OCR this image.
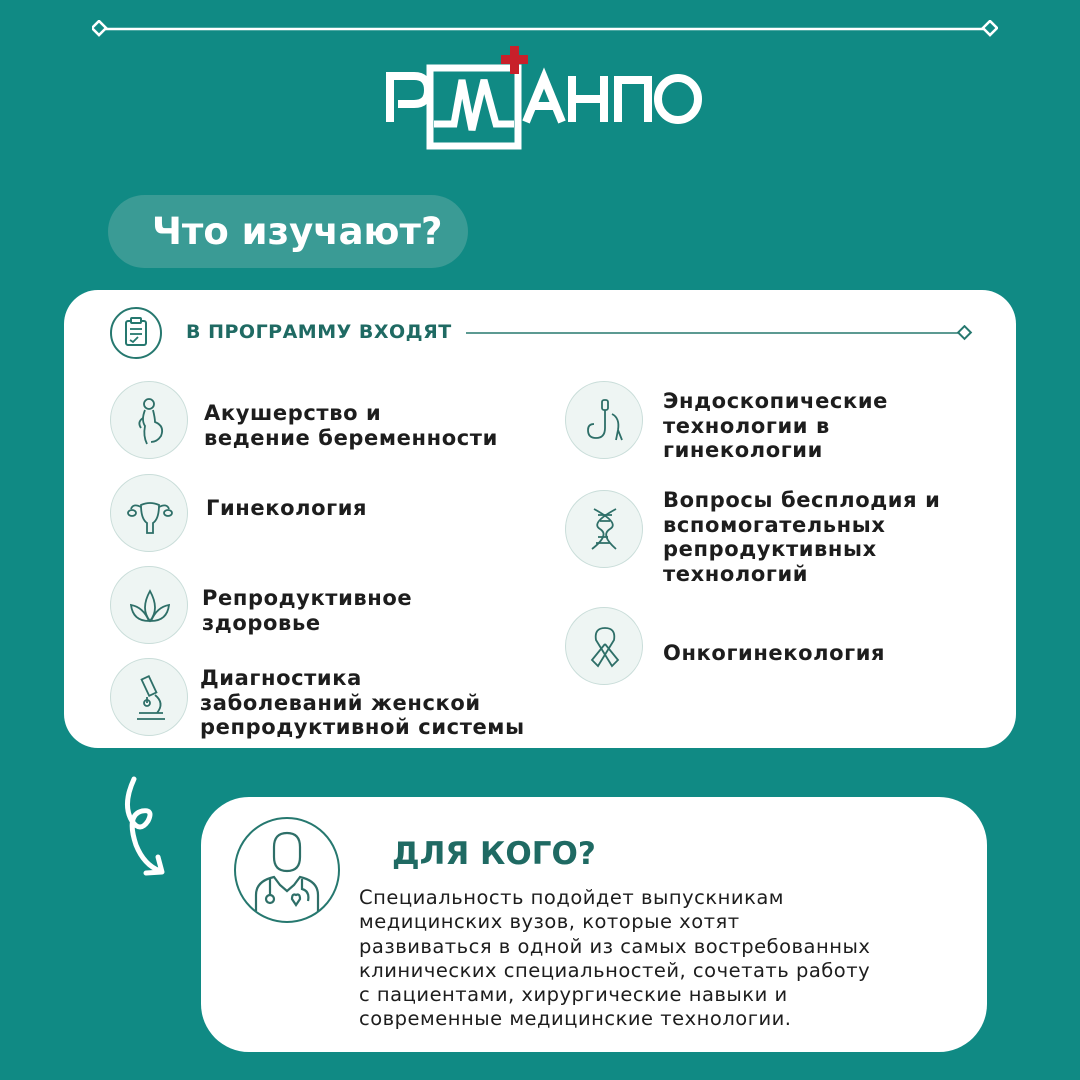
Что изучают?
В ПРОГРАММУ ВХОДЯТ
Акушерство и
ведение беременности
Гинекология
Репродуктивное
здоровье
Диагностика
заболеваний женской
репродуктивной системы
Эндоскопические
технологии в
гинекологии
Вопросы бесплодия и
вспомогательных
репродуктивных
технологий
Онкогинекология
ДЛЯ КОГО?
Специальность подойдет выпускникам
медицинских вузов, которые хотят
развиваться в одной из самых востребованных
клинических специальностей, сочетать работу
с пациентами, хирургические навыки и
современные медицинские технологии.
